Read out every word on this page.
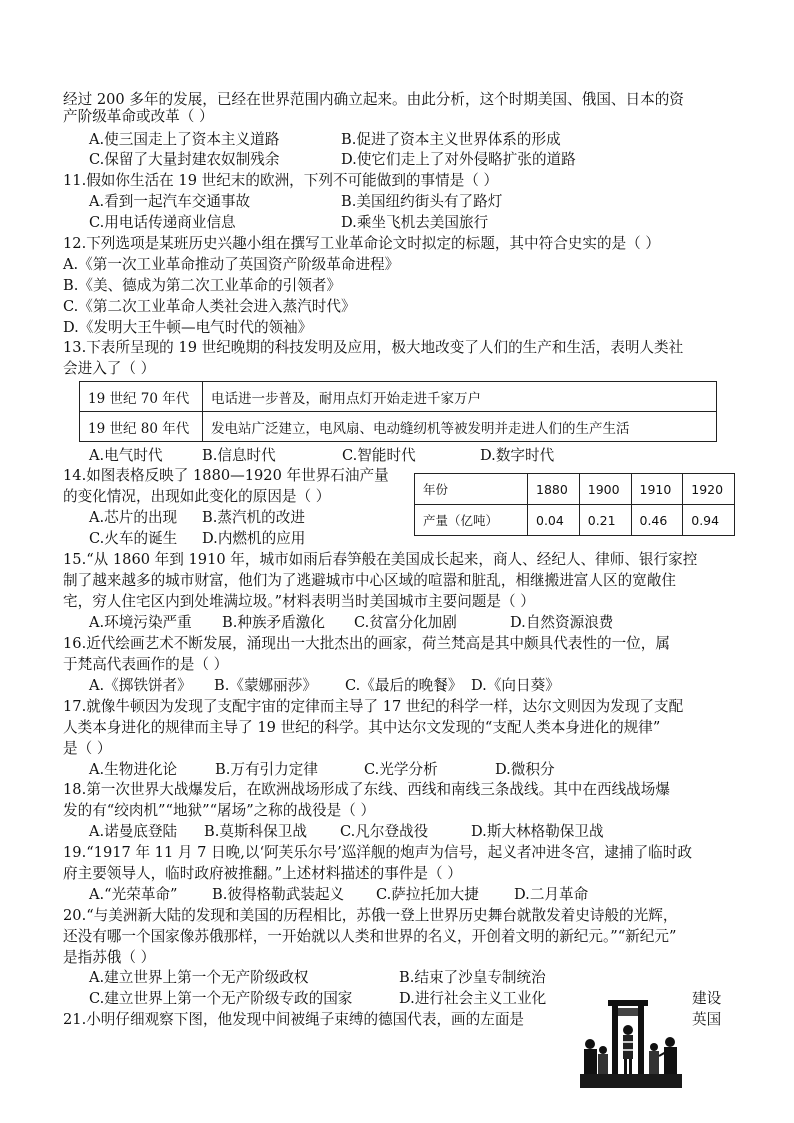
经过 200 多年的发展，已经在世界范围内确立起来。由此分析，这个时期美国、俄国、日本的资
产阶级革命或改革（ ）
A.使三国走上了资本主义道路	B.促进了资本主义世界体系的形成
C.保留了大量封建农奴制残余	D.使它们走上了对外侵略扩张的道路
11.假如你生活在 19 世纪末的欧洲，下列不可能做到的事情是（ ）
A.看到一起汽车交通事故	B.美国纽约街头有了路灯
C.用电话传递商业信息	D.乘坐飞机去美国旅行
12.下列选项是某班历史兴趣小组在撰写工业革命论文时拟定的标题，其中符合史实的是（ ）
A.《第一次工业革命推动了英国资产阶级革命进程》
B.《美、德成为第二次工业革命的引领者》
C.《第二次工业革命人类社会进入蒸汽时代》
D.《发明大王牛顿—电气时代的领袖》
13.下表所呈现的 19 世纪晚期的科技发明及应用，极大地改变了人们的生产和生活，表明人类社
会进入了（ ）
19 世纪 70 年代	电话进一步普及，耐用点灯开始走进千家万户
19 世纪 80 年代	发电站广泛建立，电风扇、电动缝纫机等被发明并走进人们的生产生活
A.电气时代	B.信息时代	C.智能时代	D.数字时代
14.如图表格反映了 1880—1920 年世界石油产量
的变化情况，出现如此变化的原因是（ ）
A.芯片的出现 B.蒸汽机的改进
C.火车的诞生 D.内燃机的应用
年份	1880	1900	1910	1920
产量（亿吨）	0.04	0.21	0.46	0.94
15.“从 1860 年到 1910 年，城市如雨后春笋般在美国成长起来，商人、经纪人、律师、银行家控
制了越来越多的城市财富，他们为了逃避城市中心区域的喧嚣和脏乱，相继搬进富人区的宽敞住
宅，穷人住宅区内到处堆满垃圾。”材料表明当时美国城市主要问题是（ ）
A.环境污染严重 B.种族矛盾激化 C.贫富分化加剧	D.自然资源浪费
16.近代绘画艺术不断发展，涌现出一大批杰出的画家，荷兰梵高是其中颇具代表性的一位，属
于梵高代表画作的是（ ）
A.《掷铁饼者》 B.《蒙娜丽莎》 C.《最后的晚餐》 D.《向日葵》
17.就像牛顿因为发现了支配宇宙的定律而主导了 17 世纪的科学一样，达尔文则因为发现了支配
人类本身进化的规律而主导了 19 世纪的科学。其中达尔文发现的“支配人类本身进化的规律”
是（ ）
A.生物进化论	B.万有引力定律	C.光学分析	D.微积分
18.第一次世界大战爆发后，在欧洲战场形成了东线、西线和南线三条战线。其中在西线战场爆
发的有“绞肉机”“地狱”“屠场”之称的战役是（ ）
A.诺曼底登陆 B.莫斯科保卫战 C.凡尔登战役	D.斯大林格勒保卫战
19.“1917 年 11 月 7 日晚,以‘阿芙乐尔号’巡洋舰的炮声为信号，起义者冲进冬宫，逮捕了临时政
府主要领导人，临时政府被推翻。”上述材料描述的事件是（ ）
A.“光荣革命” B.彼得格勒武装起义 C.萨拉托加大捷 D.二月革命
20.“与美洲新大陆的发现和美国的历程相比，苏俄一登上世界历史舞台就散发着史诗般的光辉，
还没有哪一个国家像苏俄那样，一开始就以人类和世界的名义，开创着文明的新纪元。”“新纪元”
是指苏俄（ ）
A.建立世界上第一个无产阶级政权	B.结束了沙皇专制统治
C.建立世界上第一个无产阶级专政的国家	D.进行社会主义工业化	建设
21.小明仔细观察下图，他发现中间被绳子束缚的德国代表，画的左面是	英国
